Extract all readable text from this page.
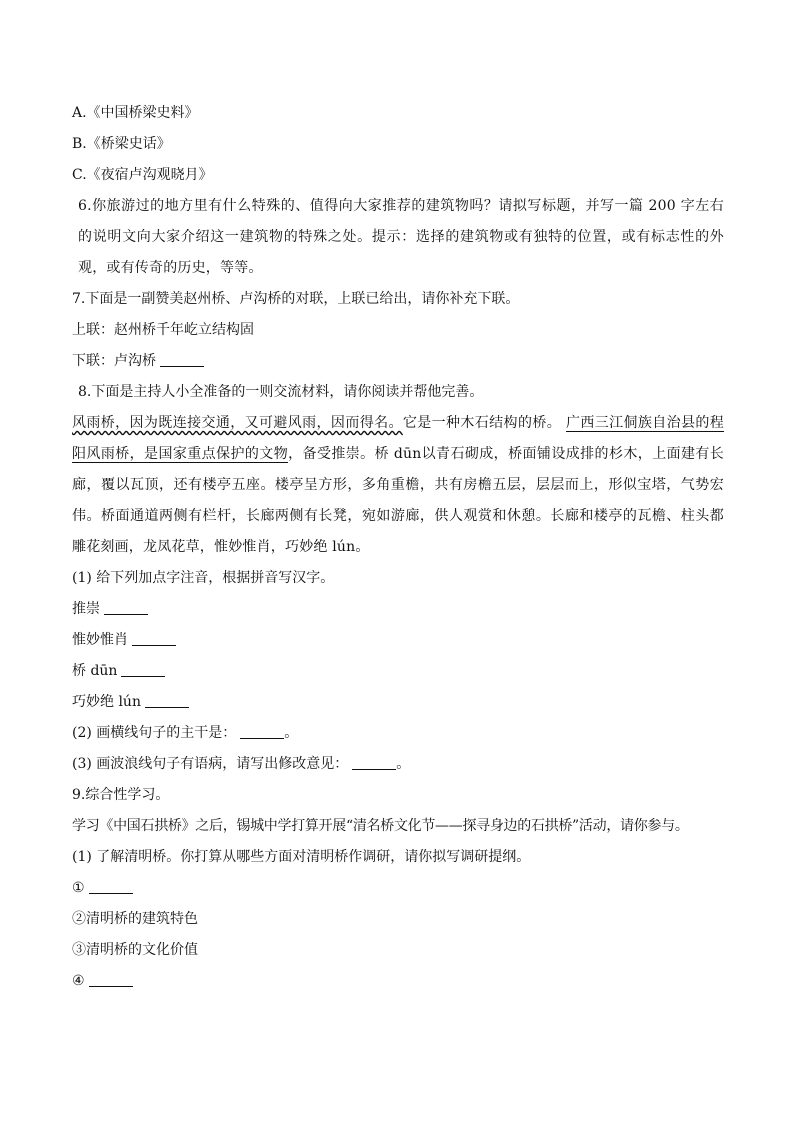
A.《中国桥梁史料》
B.《桥梁史话》
C.《夜宿卢沟观晓月》
6.你旅游过的地方里有什么特殊的、值得向大家推荐的建筑物吗？请拟写标题，并写一篇 200 字左右的说明文向大家介绍这一建筑物的特殊之处。提示：选择的建筑物或有独特的位置，或有标志性的外观，或有传奇的历史，等等。
7.下面是一副赞美赵州桥、卢沟桥的对联，上联已给出，请你补充下联。
上联：赵州桥千年屹立结构固
下联：卢沟桥
8.下面是主持人小全准备的一则交流材料，请你阅读并帮他完善。
风雨桥，因为既连接交通，又可避风雨，因而得名。它是一种木石结构的桥。 广西三江侗族自治县的程阳风雨桥，是国家重点保护的文物，备受推崇。桥 dūn以青石砌成，桥面铺设成排的杉木，上面建有长廊，覆以瓦顶，还有楼亭五座。楼亭呈方形，多角重檐，共有房檐五层，层层而上，形似宝塔，气势宏伟。桥面通道两侧有栏杆，长廊两侧有长凳，宛如游廊，供人观赏和休憩。长廊和楼亭的瓦檐、柱头都雕花刻画，龙凤花草，惟妙惟肖，巧妙绝 lún。
(1) 给下列加点字注音，根据拼音写汉字。
推崇
惟妙惟肖
桥 dūn
巧妙绝 lún
(2) 画横线句子的主干是：	。
(3) 画波浪线句子有语病，请写出修改意见：	。
9.综合性学习。
学习《中国石拱桥》之后，锡城中学打算开展“清名桥文化节——探寻身边的石拱桥”活动，请你参与。
(1) 了解清明桥。你打算从哪些方面对清明桥作调研，请你拟写调研提纲。
①
②清明桥的建筑特色
③清明桥的文化价值
④
